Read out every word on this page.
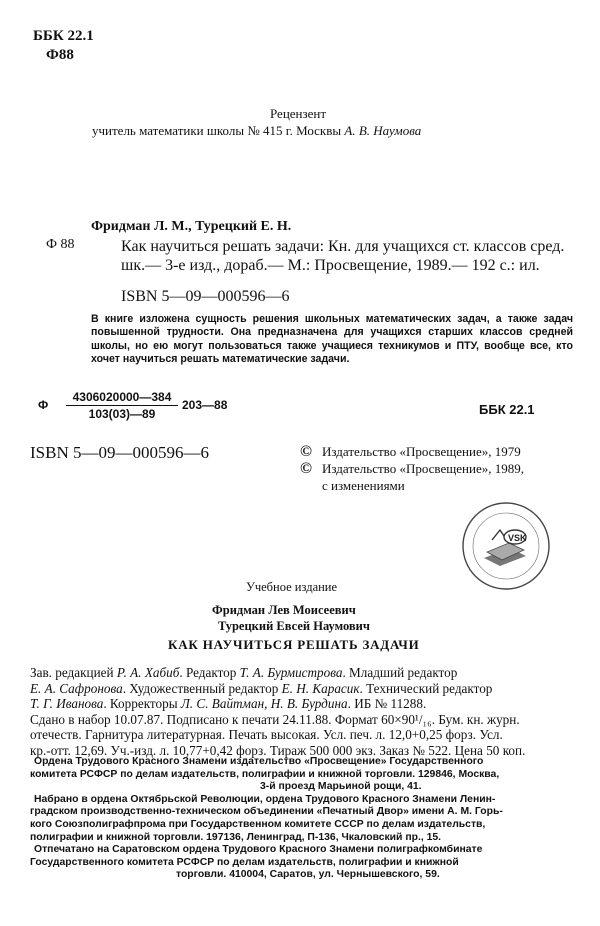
ББК 22.1
Ф88
Рецензент
учитель математики школы № 415 г. Москвы А. В. Наумова
Фридман Л. М., Турецкий Е. Н.
Ф 88	Как научиться решать задачи: Кн. для учащихся ст. классов сред. шк.— 3-е изд., дораб.— М.: Просвещение, 1989.— 192 с.: ил.
ISBN 5—09—000596—6
В книге изложена сущность решения школьных математических задач, а также задач повышенной трудности. Она предназначена для учащихся старших классов средней школы, но ею могут пользоваться также учащиеся техникумов и ПТУ, вообще все, кто хочет научиться решать математические задачи.
Ф
4306020000—384
103(03)—89
203—88	ББК 22.1
ISBN 5—09—000596—6	© Издательство «Просвещение», 1979
© Издательство «Просвещение», 1989,
с изменениями
VSK
Учебное издание
Фридман Лев Моисеевич
Турецкий Евсей Наумович
КАК НАУЧИТЬСЯ РЕШАТЬ ЗАДАЧИ
Зав. редакцией Р. А. Хабиб. Редактор Т. А. Бурмистрова. Младший редактор
Е. А. Сафронова. Художественный редактор Е. Н. Карасик. Технический редактор
Т. Г. Иванова. Корректоры Л. С. Вайтман, Н. В. Бурдина. ИБ № 11288.
Сдано в набор 10.07.87. Подписано к печати 24.11.88. Формат 60×90¹/₁₆. Бум. кн. журн.
отечеств. Гарнитура литературная. Печать высокая. Усл. печ. л. 12,0+0,25 форз. Усл.
кр.-отт. 12,69. Уч.-изд. л. 10,77+0,42 форз. Тираж 500 000 экз. Заказ № 522. Цена 50 коп.
Ордена Трудового Красного Знамени издательство «Просвещение» Государственного
комитета РСФСР по делам издательств, полиграфии и книжной торговли. 129846, Москва,
3-й проезд Марьиной рощи, 41.
Набрано в ордена Октябрьской Революции, ордена Трудового Красного Знамени Ленин-
градском производственно-техническом объединении «Печатный Двор» имени А. М. Горь-
кого Союзполиграфпрома при Государственном комитете СССР по делам издательств,
полиграфии и книжной торговли. 197136, Ленинград, П-136, Чкаловский пр., 15.
Отпечатано на Саратовском ордена Трудового Красного Знамени полиграфкомбинате
Государственного комитета РСФСР по делам издательств, полиграфии и книжной
торговли. 410004, Саратов, ул. Чернышевского, 59.
